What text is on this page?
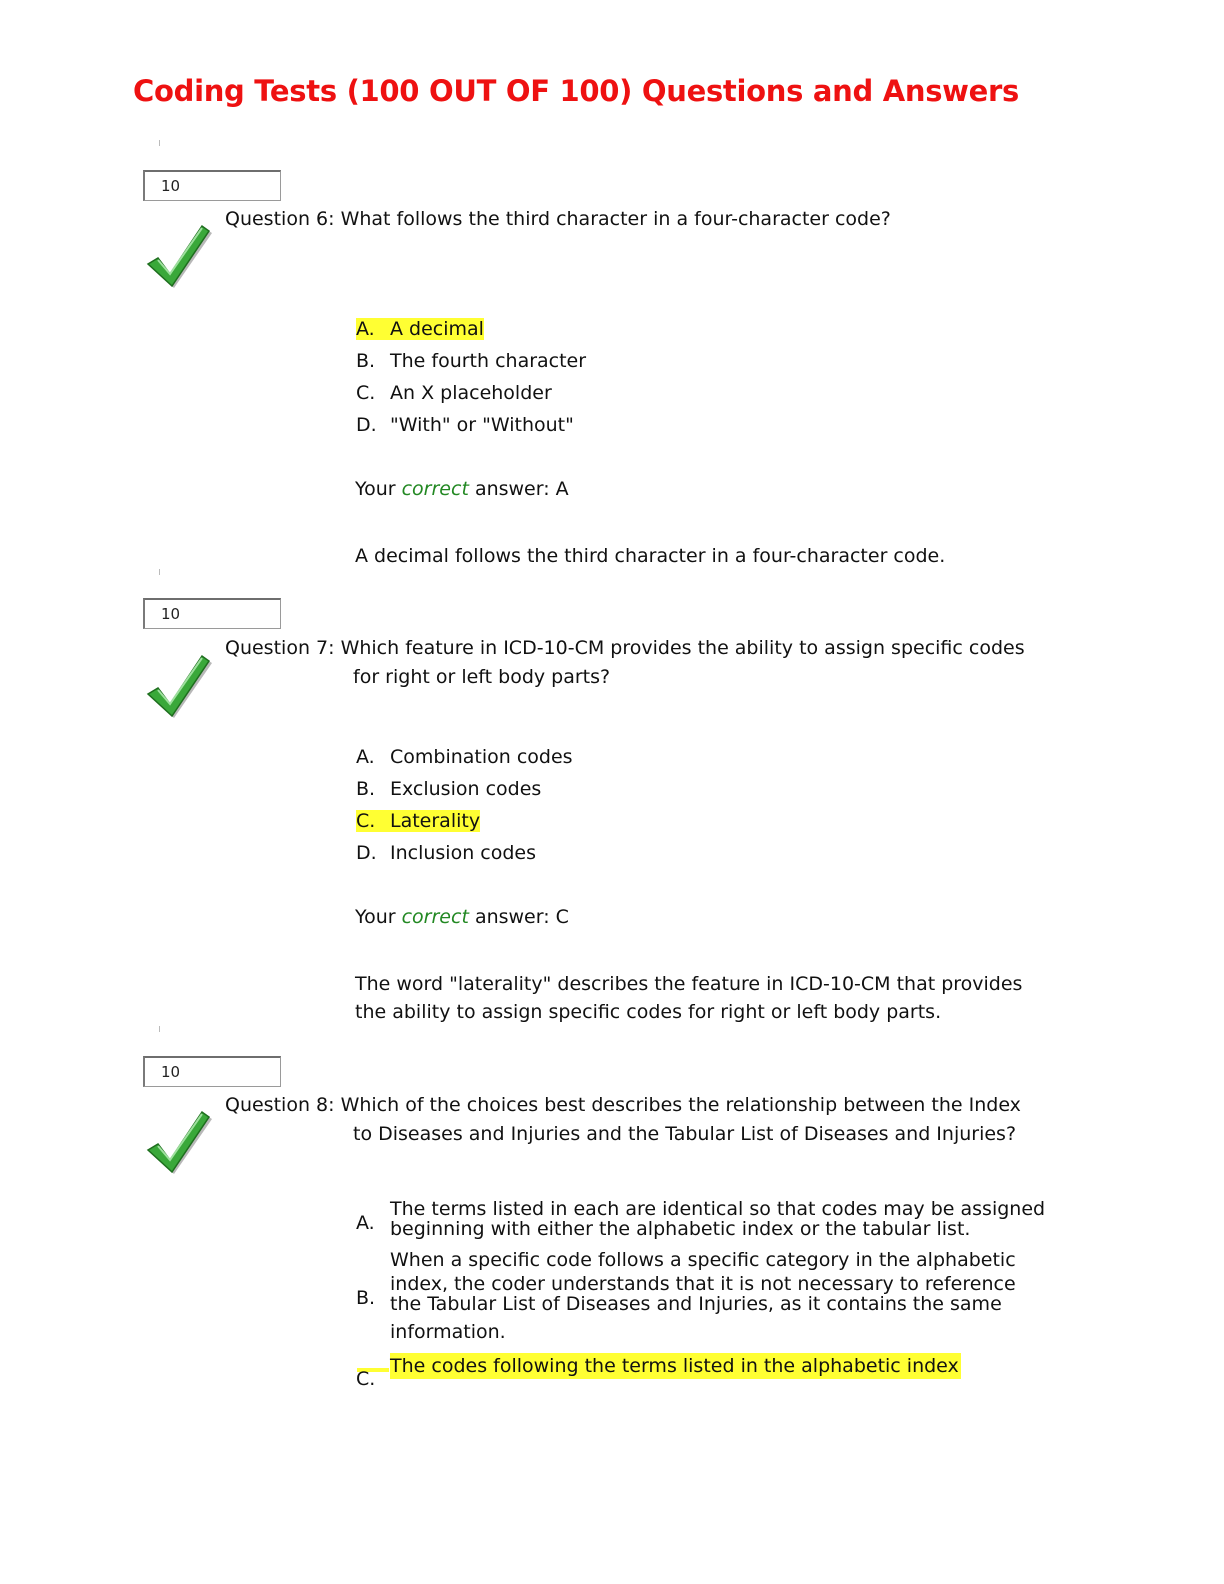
Coding Tests (100 OUT OF 100) Questions and Answers
10
Question 6: What follows the third character in a four-character code?
A. A decimal
B. The fourth character
C. An X placeholder
D. "With" or "Without"
Your correct answer: A
A decimal follows the third character in a four-character code.
10
Question 7: Which feature in ICD-10-CM provides the ability to assign specific codes
for right or left body parts?
A. Combination codes
B. Exclusion codes
C. Laterality
D. Inclusion codes
Your correct answer: C
The word "laterality" describes the feature in ICD-10-CM that provides
the ability to assign specific codes for right or left body parts.
10
Question 8: Which of the choices best describes the relationship between the Index
to Diseases and Injuries and the Tabular List of Diseases and Injuries?
A.
The terms listed in each are identical so that codes may be assigned
beginning with either the alphabetic index or the tabular list.
B.
When a specific code follows a specific category in the alphabetic
index, the coder understands that it is not necessary to reference
the Tabular List of Diseases and Injuries, as it contains the same
information.
C.
The codes following the terms listed in the alphabetic index
